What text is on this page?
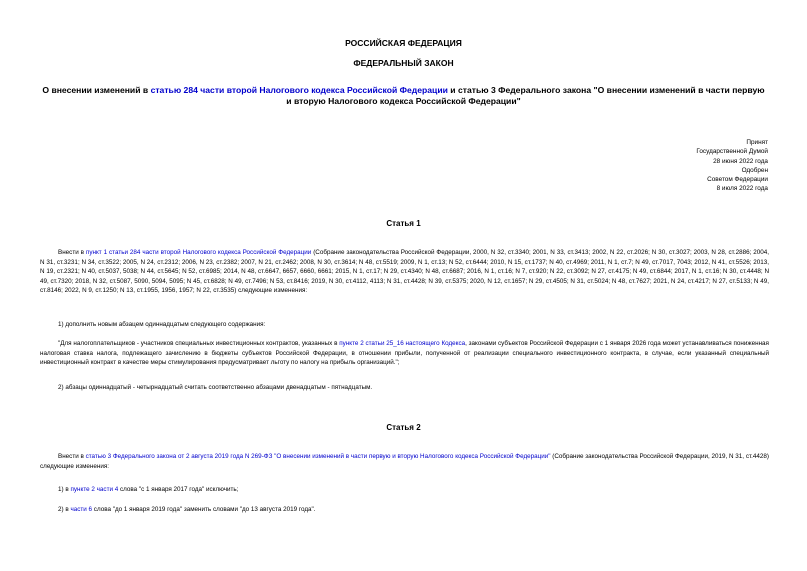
РОССИЙСКАЯ ФЕДЕРАЦИЯ
ФЕДЕРАЛЬНЫЙ ЗАКОН
О внесении изменений в статью 284 части второй Налогового кодекса Российской Федерации и статью 3 Федерального закона "О внесении изменений в части первую и вторую Налогового кодекса Российской Федерации"
Принят
Государственной Думой
28 июня 2022 года
Одобрен
Советом Федерации
8 июля 2022 года
Статья 1
Внести в пункт 1 статьи 284 части второй Налогового кодекса Российской Федерации (Собрание законодательства Российской Федерации, 2000, N 32, ст.3340; 2001, N 33, ст.3413; 2002, N 22, ст.2026; N 30, ст.3027; 2003, N 28, ст.2886; 2004, N 31, ст.3231; N 34, ст.3522; 2005, N 24, ст.2312; 2006, N 23, ст.2382; 2007, N 21, ст.2462; 2008, N 30, ст.3614; N 48, ст.5519; 2009, N 1, ст.13; N 52, ст.6444; 2010, N 15, ст.1737; N 40, ст.4969; 2011, N 1, ст.7; N 49, ст.7017, 7043; 2012, N 41, ст.5526; 2013, N 19, ст.2321; N 40, ст.5037, 5038; N 44, ст.5645; N 52, ст.6985; 2014, N 48, ст.6647, 6657, 6660, 6661; 2015, N 1, ст.17; N 29, ст.4340; N 48, ст.6687; 2016, N 1, ст.16; N 7, ст.920; N 22, ст.3092; N 27, ст.4175; N 49, ст.6844; 2017, N 1, ст.16; N 30, ст.4448; N 49, ст.7320; 2018, N 32, ст.5087, 5090, 5094, 5095; N 45, ст.6828; N 49, ст.7496; N 53, ст.8416; 2019, N 30, ст.4112, 4113; N 31, ст.4428; N 39, ст.5375; 2020, N 12, ст.1657; N 29, ст.4505; N 31, ст.5024; N 48, ст.7627; 2021, N 24, ст.4217; N 27, ст.5133; N 49, ст.8146; 2022, N 9, ст.1250; N 13, ст.1955, 1956, 1957; N 22, ст.3535) следующие изменения:
1) дополнить новым абзацем одиннадцатым следующего содержания:
"Для налогоплательщиков - участников специальных инвестиционных контрактов, указанных в пункте 2 статьи 25_16 настоящего Кодекса, законами субъектов Российской Федерации с 1 января 2026 года может устанавливаться пониженная налоговая ставка налога, подлежащего зачислению в бюджеты субъектов Российской Федерации, в отношении прибыли, полученной от реализации специального инвестиционного контракта, в случае, если указанный специальный инвестиционный контракт в качестве меры стимулирования предусматривает льготу по налогу на прибыль организаций.";
2) абзацы одиннадцатый - четырнадцатый считать соответственно абзацами двенадцатым - пятнадцатым.
Статья 2
Внести в статью 3 Федерального закона от 2 августа 2019 года N 269-ФЗ "О внесении изменений в части первую и вторую Налогового кодекса Российской Федерации" (Собрание законодательства Российской Федерации, 2019, N 31, ст.4428) следующие изменения:
1) в пункте 2 части 4 слова "с 1 января 2017 года" исключить;
2) в части 6 слова "до 1 января 2019 года" заменить словами "до 13 августа 2019 года".
